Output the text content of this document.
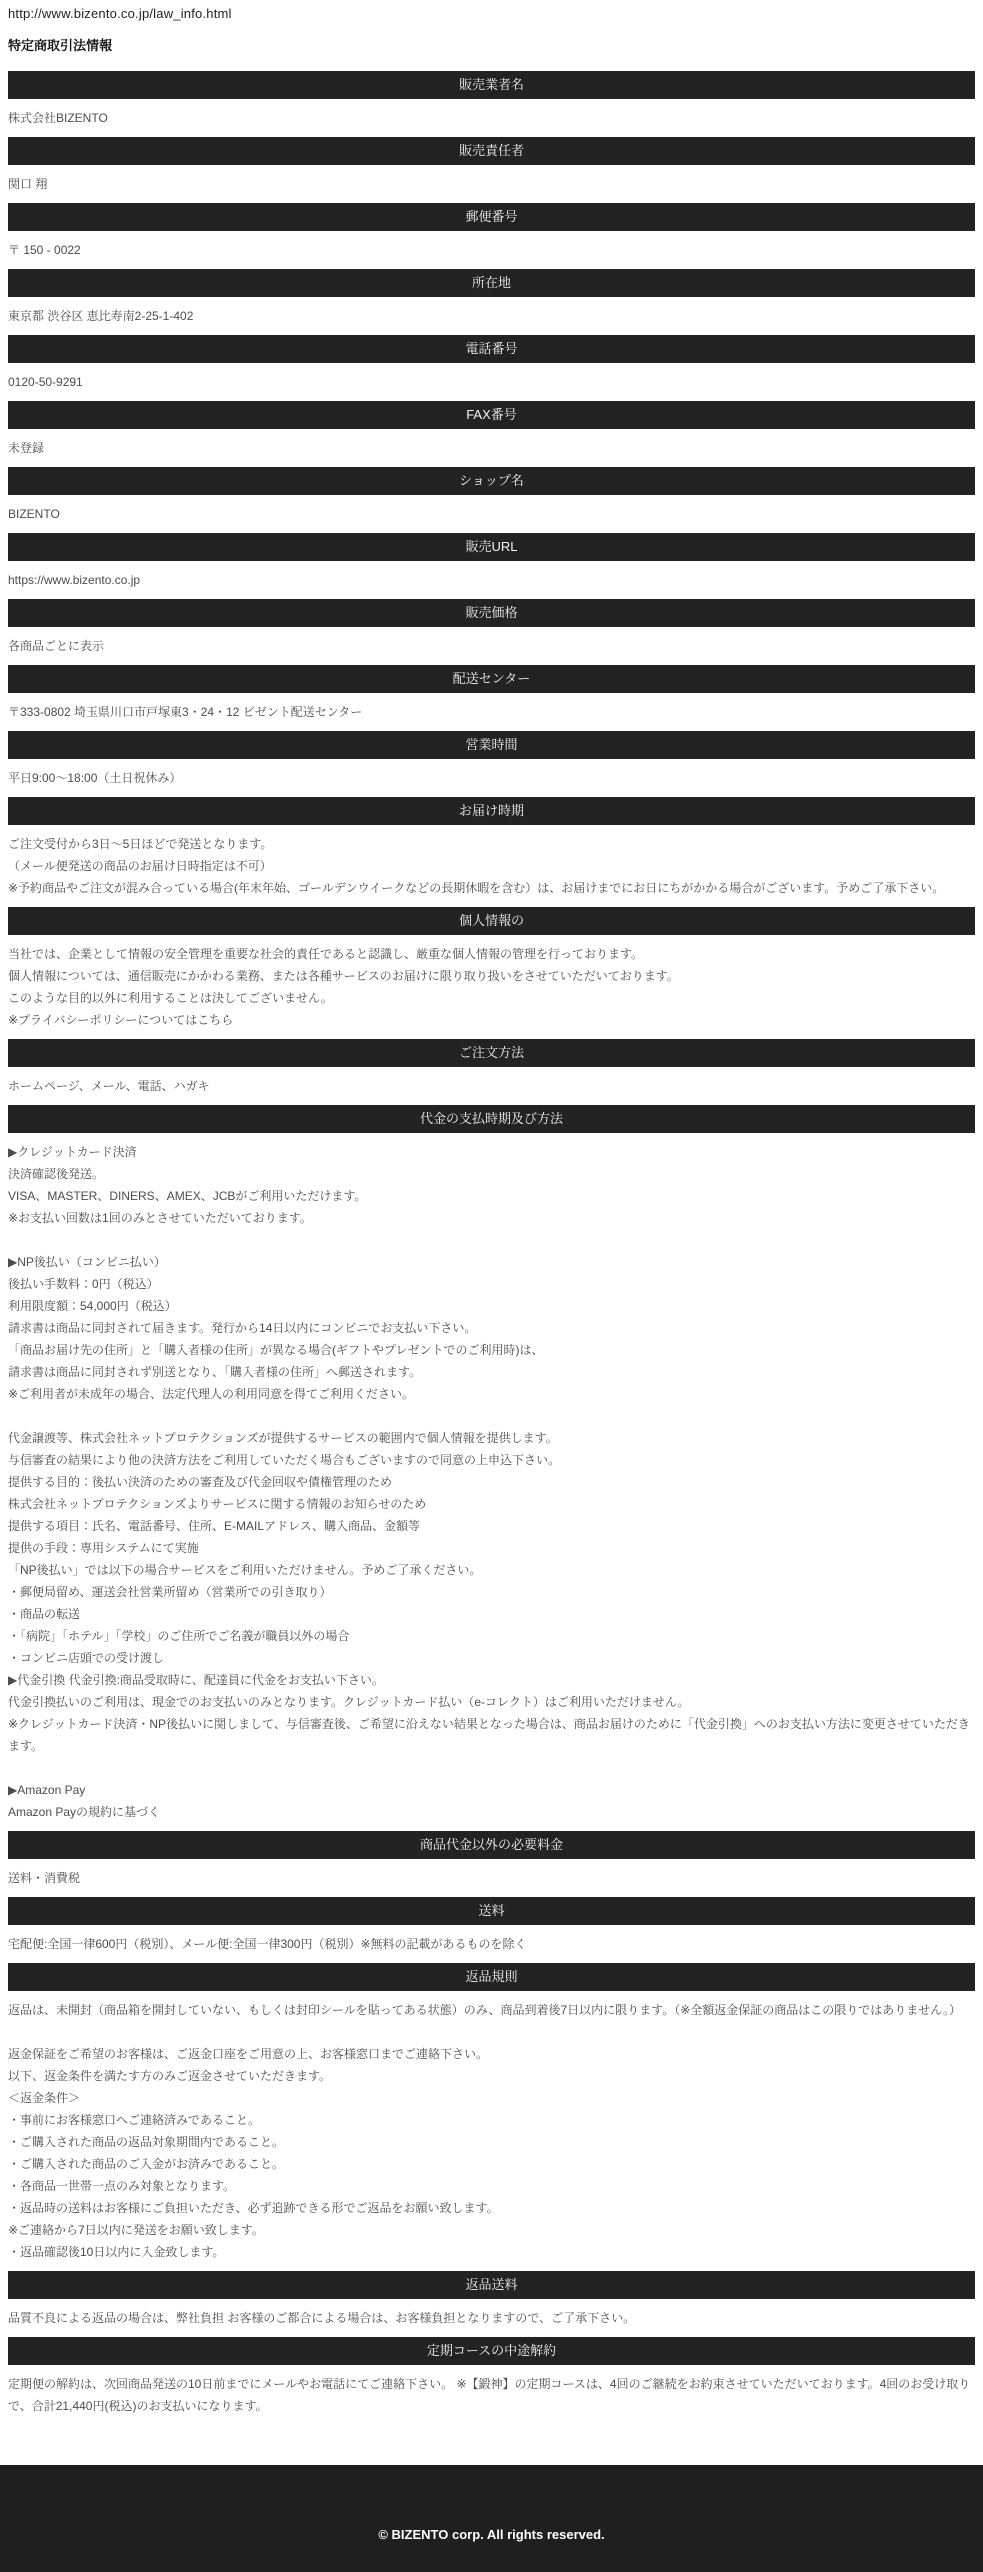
http://www.bizento.co.jp/law_info.html
特定商取引法情報
販売業者名
株式会社BIZENTO
販売責任者
関口 翔
郵便番号
〒 150 - 0022
所在地
東京都 渋谷区 恵比寿南2-25-1-402
電話番号
0120-50-9291
FAX番号
未登録
ショップ名
BIZENTO
販売URL
https://www.bizento.co.jp
販売価格
各商品ごとに表示
配送センター
〒333-0802 埼玉県川口市戸塚東3・24・12 ビゼント配送センター
営業時間
平日9:00〜18:00（土日祝休み）
お届け時期
ご注文受付から3日〜5日ほどで発送となります。
（メール便発送の商品のお届け日時指定は不可）
※予約商品やご注文が混み合っている場合(年末年始、ゴールデンウイークなどの長期休暇を含む）は、お届けまでにお日にちがかかる場合がございます。予めご了承下さい。
個人情報の
当社では、企業として情報の安全管理を重要な社会的責任であると認識し、厳重な個人情報の管理を行っております。
個人情報については、通信販売にかかわる業務、または各種サービスのお届けに限り取り扱いをさせていただいております。
このような目的以外に利用することは決してございません。
※プライバシーポリシーについてはこちら
ご注文方法
ホームページ、メール、電話、ハガキ
代金の支払時期及び方法
▶クレジットカード決済
決済確認後発送。
VISA、MASTER、DINERS、AMEX、JCBがご利用いただけます。
※お支払い回数は1回のみとさせていただいております。

▶NP後払い（コンビニ払い）
後払い手数料：0円（税込）
利用限度額：54,000円（税込）
請求書は商品に同封されて届きます。発行から14日以内にコンビニでお支払い下さい。
「商品お届け先の住所」と「購入者様の住所」が異なる場合(ギフトやプレゼントでのご利用時)は、
請求書は商品に同封されず別送となり、「購入者様の住所」へ郵送されます。
※ご利用者が未成年の場合、法定代理人の利用同意を得てご利用ください。

代金譲渡等、株式会社ネットプロテクションズが提供するサービスの範囲内で個人情報を提供します。
与信審査の結果により他の決済方法をご利用していただく場合もございますので同意の上申込下さい。
提供する目的：後払い決済のための審査及び代金回収や債権管理のため
株式会社ネットプロテクションズよりサービスに関する情報のお知らせのため
提供する項目：氏名、電話番号、住所、E-MAILアドレス、購入商品、金額等
提供の手段：専用システムにて実施
「NP後払い」では以下の場合サービスをご利用いただけません。予めご了承ください。
・郵便局留め、運送会社営業所留め（営業所での引き取り）
・商品の転送
・「病院」「ホテル」「学校」のご住所でご名義が職員以外の場合
・コンビニ店頭での受け渡し
▶代金引換 代金引換:商品受取時に、配達員に代金をお支払い下さい。
代金引換払いのご利用は、現金でのお支払いのみとなります。クレジットカード払い（e-コレクト）はご利用いただけません。
※クレジットカード決済・NP後払いに関しまして、与信審査後、ご希望に沿えない結果となった場合は、商品お届けのために「代金引換」へのお支払い方法に変更させていただきます。

▶Amazon Pay
Amazon Payの規約に基づく
商品代金以外の必要料金
送料・消費税
送料
宅配便:全国一律600円（税別）、メール便:全国一律300円（税別）※無料の記載があるものを除く
返品規則
返品は、未開封（商品箱を開封していない、もしくは封印シールを貼ってある状態）のみ、商品到着後7日以内に限ります。（※全額返金保証の商品はこの限りではありません。）

返金保証をご希望のお客様は、ご返金口座をご用意の上、お客様窓口までご連絡下さい。
以下、返金条件を満たす方のみご返金させていただきます。
＜返金条件＞
・事前にお客様窓口へご連絡済みであること。
・ご購入された商品の返品対象期間内であること。
・ご購入された商品のご入金がお済みであること。
・各商品一世帯一点のみ対象となります。
・返品時の送料はお客様にご負担いただき、必ず追跡できる形でご返品をお願い致します。
※ご連絡から7日以内に発送をお願い致します。
・返品確認後10日以内に入金致します。
返品送料
品質不良による返品の場合は、弊社負担 お客様のご都合による場合は、お客様負担となりますので、ご了承下さい。
定期コースの中途解約
定期便の解約は、次回商品発送の10日前までにメールやお電話にてご連絡下さい。 ※【鍛神】の定期コースは、4回のご継続をお約束させていただいております。4回のお受け取りで、合計21,440円(税込)のお支払いになります。
© BIZENTO corp. All rights reserved.
